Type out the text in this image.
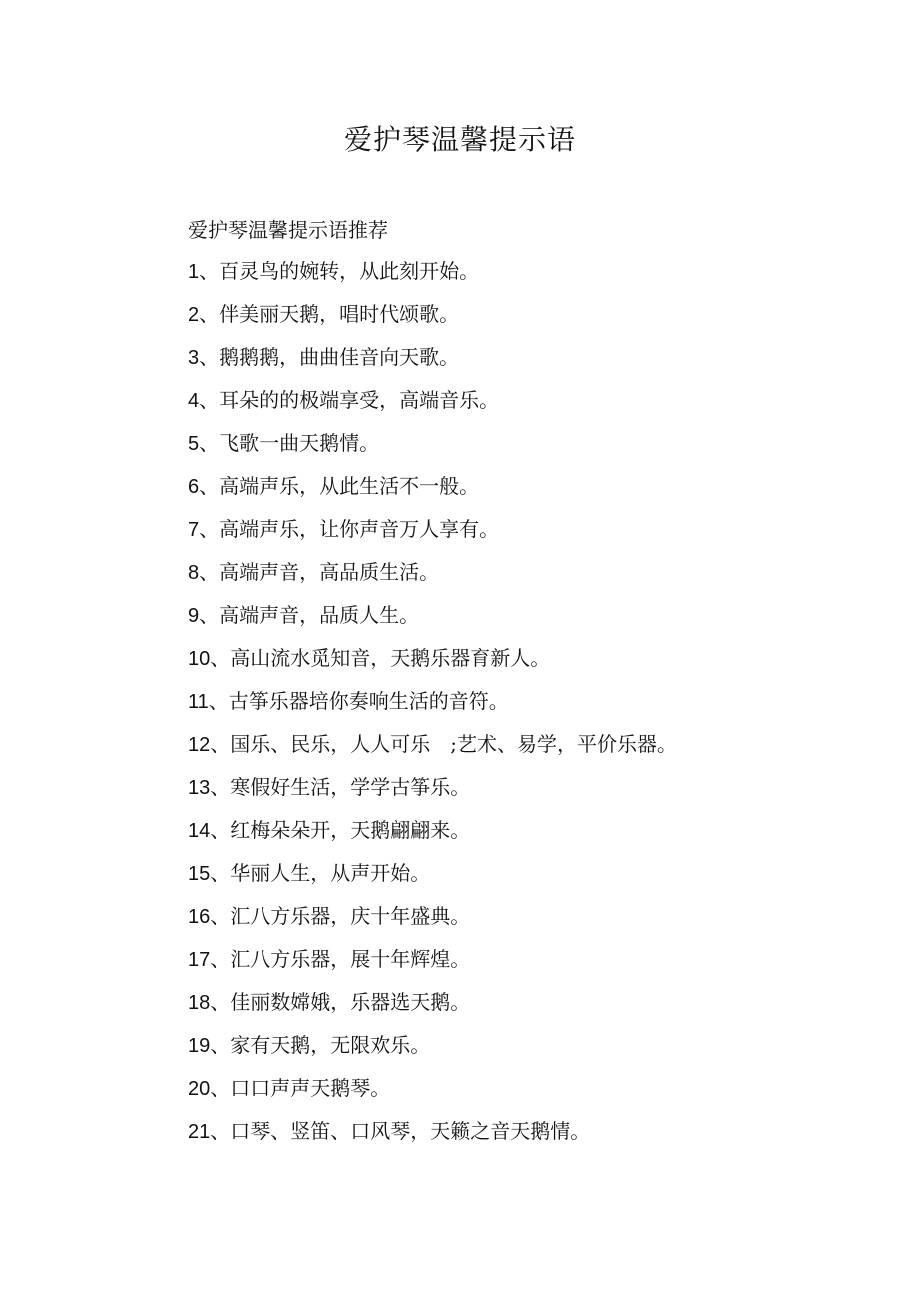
爱护琴温馨提示语

爱护琴温馨提示语推荐

1、百灵鸟的婉转，从此刻开始。
2、伴美丽天鹅，唱时代颂歌。
3、鹅鹅鹅，曲曲佳音向天歌。
4、耳朵的的极端享受，高端音乐。
5、飞歌一曲天鹅情。
6、高端声乐，从此生活不一般。
7、高端声乐，让你声音万人享有。
8、高端声音，高品质生活。
9、高端声音，品质人生。
10、高山流水觅知音，天鹅乐器育新人。
11、古筝乐器培你奏响生活的音符。
12、国乐、民乐，人人可乐　;艺术、易学，平价乐器。
13、寒假好生活，学学古筝乐。
14、红梅朵朵开，天鹅翩翩来。
15、华丽人生，从声开始。
16、汇八方乐器，庆十年盛典。
17、汇八方乐器，展十年辉煌。
18、佳丽数嫦娥，乐器选天鹅。
19、家有天鹅，无限欢乐。
20、口口声声天鹅琴。
21、口琴、竖笛、口风琴，天籁之音天鹅情。
